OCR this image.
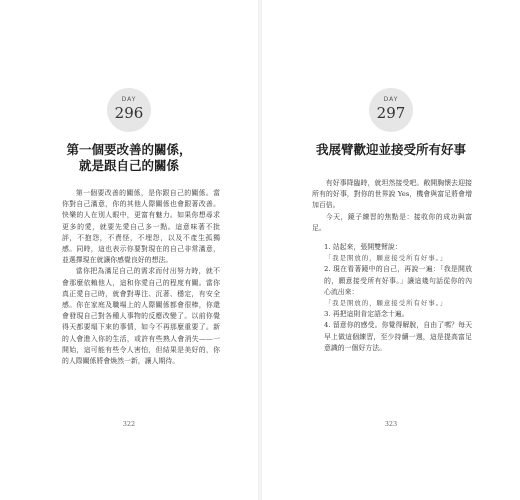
DAY
296
第一個要改善的關係，
就是跟自己的關係

第一個要改善的關係，是你跟自己的關係。當你對自己滿意，你的其他人際關係也會跟著改善。快樂的人在別人眼中，更富有魅力。如果你想尋求更多的愛，就要先愛自己多一點。這意味著不批評，不抱怨，不責怪，不埋怨，以及不產生孤獨感。同時，這也表示你要對現在的自己非常滿意，並選擇現在就讓你感覺良好的想法。

當你把為滿足自己的需求而付出努力時，就不會那麼依賴他人，這和你愛自己的程度有關。當你真正愛自己時，就會對專注、沉著、穩定，有安全感。你在家庭及職場上的人際關係都會很棒，你還會發現自己對各種人事物的反應改變了。以前你覺得天都要塌下來的事情，如今不再那麼重要了。新的人會進入你的生活，或許有些熟人會消失——一開始，這可能有些令人害怕，但結果是美好的，你的人際關係將會煥然一新，讓人期待。

322
DAY
297
我展臂歡迎並接受所有好事

有好事降臨時，就坦然接受吧。敞開胸懷去迎接所有的好事，對你的世界說 Yes，機會與富足將會增加百倍。

今天，鏡子練習的焦點是：接收你的成功與富足。

1. 站起來，張開雙臂說：

「我是開放的，願意接受所有好事。」

2. 現在看著鏡中的自己，再說一遍：「我是開放的，願意接受所有好事。」讓這幾句話從你的內心流出來：

「我是開放的，願意接受所有好事。」

3. 再把這則肯定語念十遍。

4. 留意你的感受。你覺得解脫，自由了嗎？每天早上做這個練習，至少持續一週，這是提高富足意識的一個好方法。

323
